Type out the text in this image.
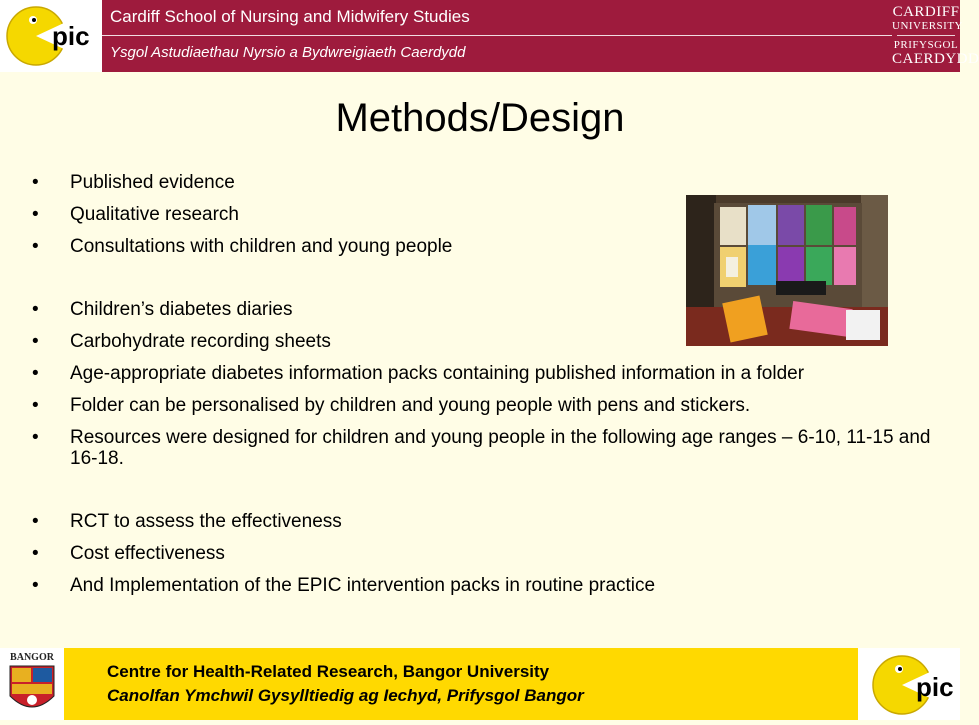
pic
Cardiff School of Nursing and Midwifery Studies
Ysgol Astudiaethau Nyrsio a Bydwreigiaeth Caerdydd
CARDIFF
UNIVERSITY
PRIFYSGOL
CAERDYDD
Methods/Design
• Published evidence
• Qualitative research
• Consultations with children and young people
• Children’s diabetes diaries
• Carbohydrate recording sheets
• Age-appropriate diabetes information packs containing published information in a folder
• Folder can be personalised by children and young people with pens and stickers.
• Resources were designed for children and young people in the following age ranges – 6-10, 11-15 and 16-18.
• RCT to assess the effectiveness
• Cost effectiveness
• And Implementation of the EPIC intervention packs in routine practice
BANGOR
Centre for Health-Related Research, Bangor University
Canolfan Ymchwil Gysylltiedig ag Iechyd, Prifysgol Bangor	pic
